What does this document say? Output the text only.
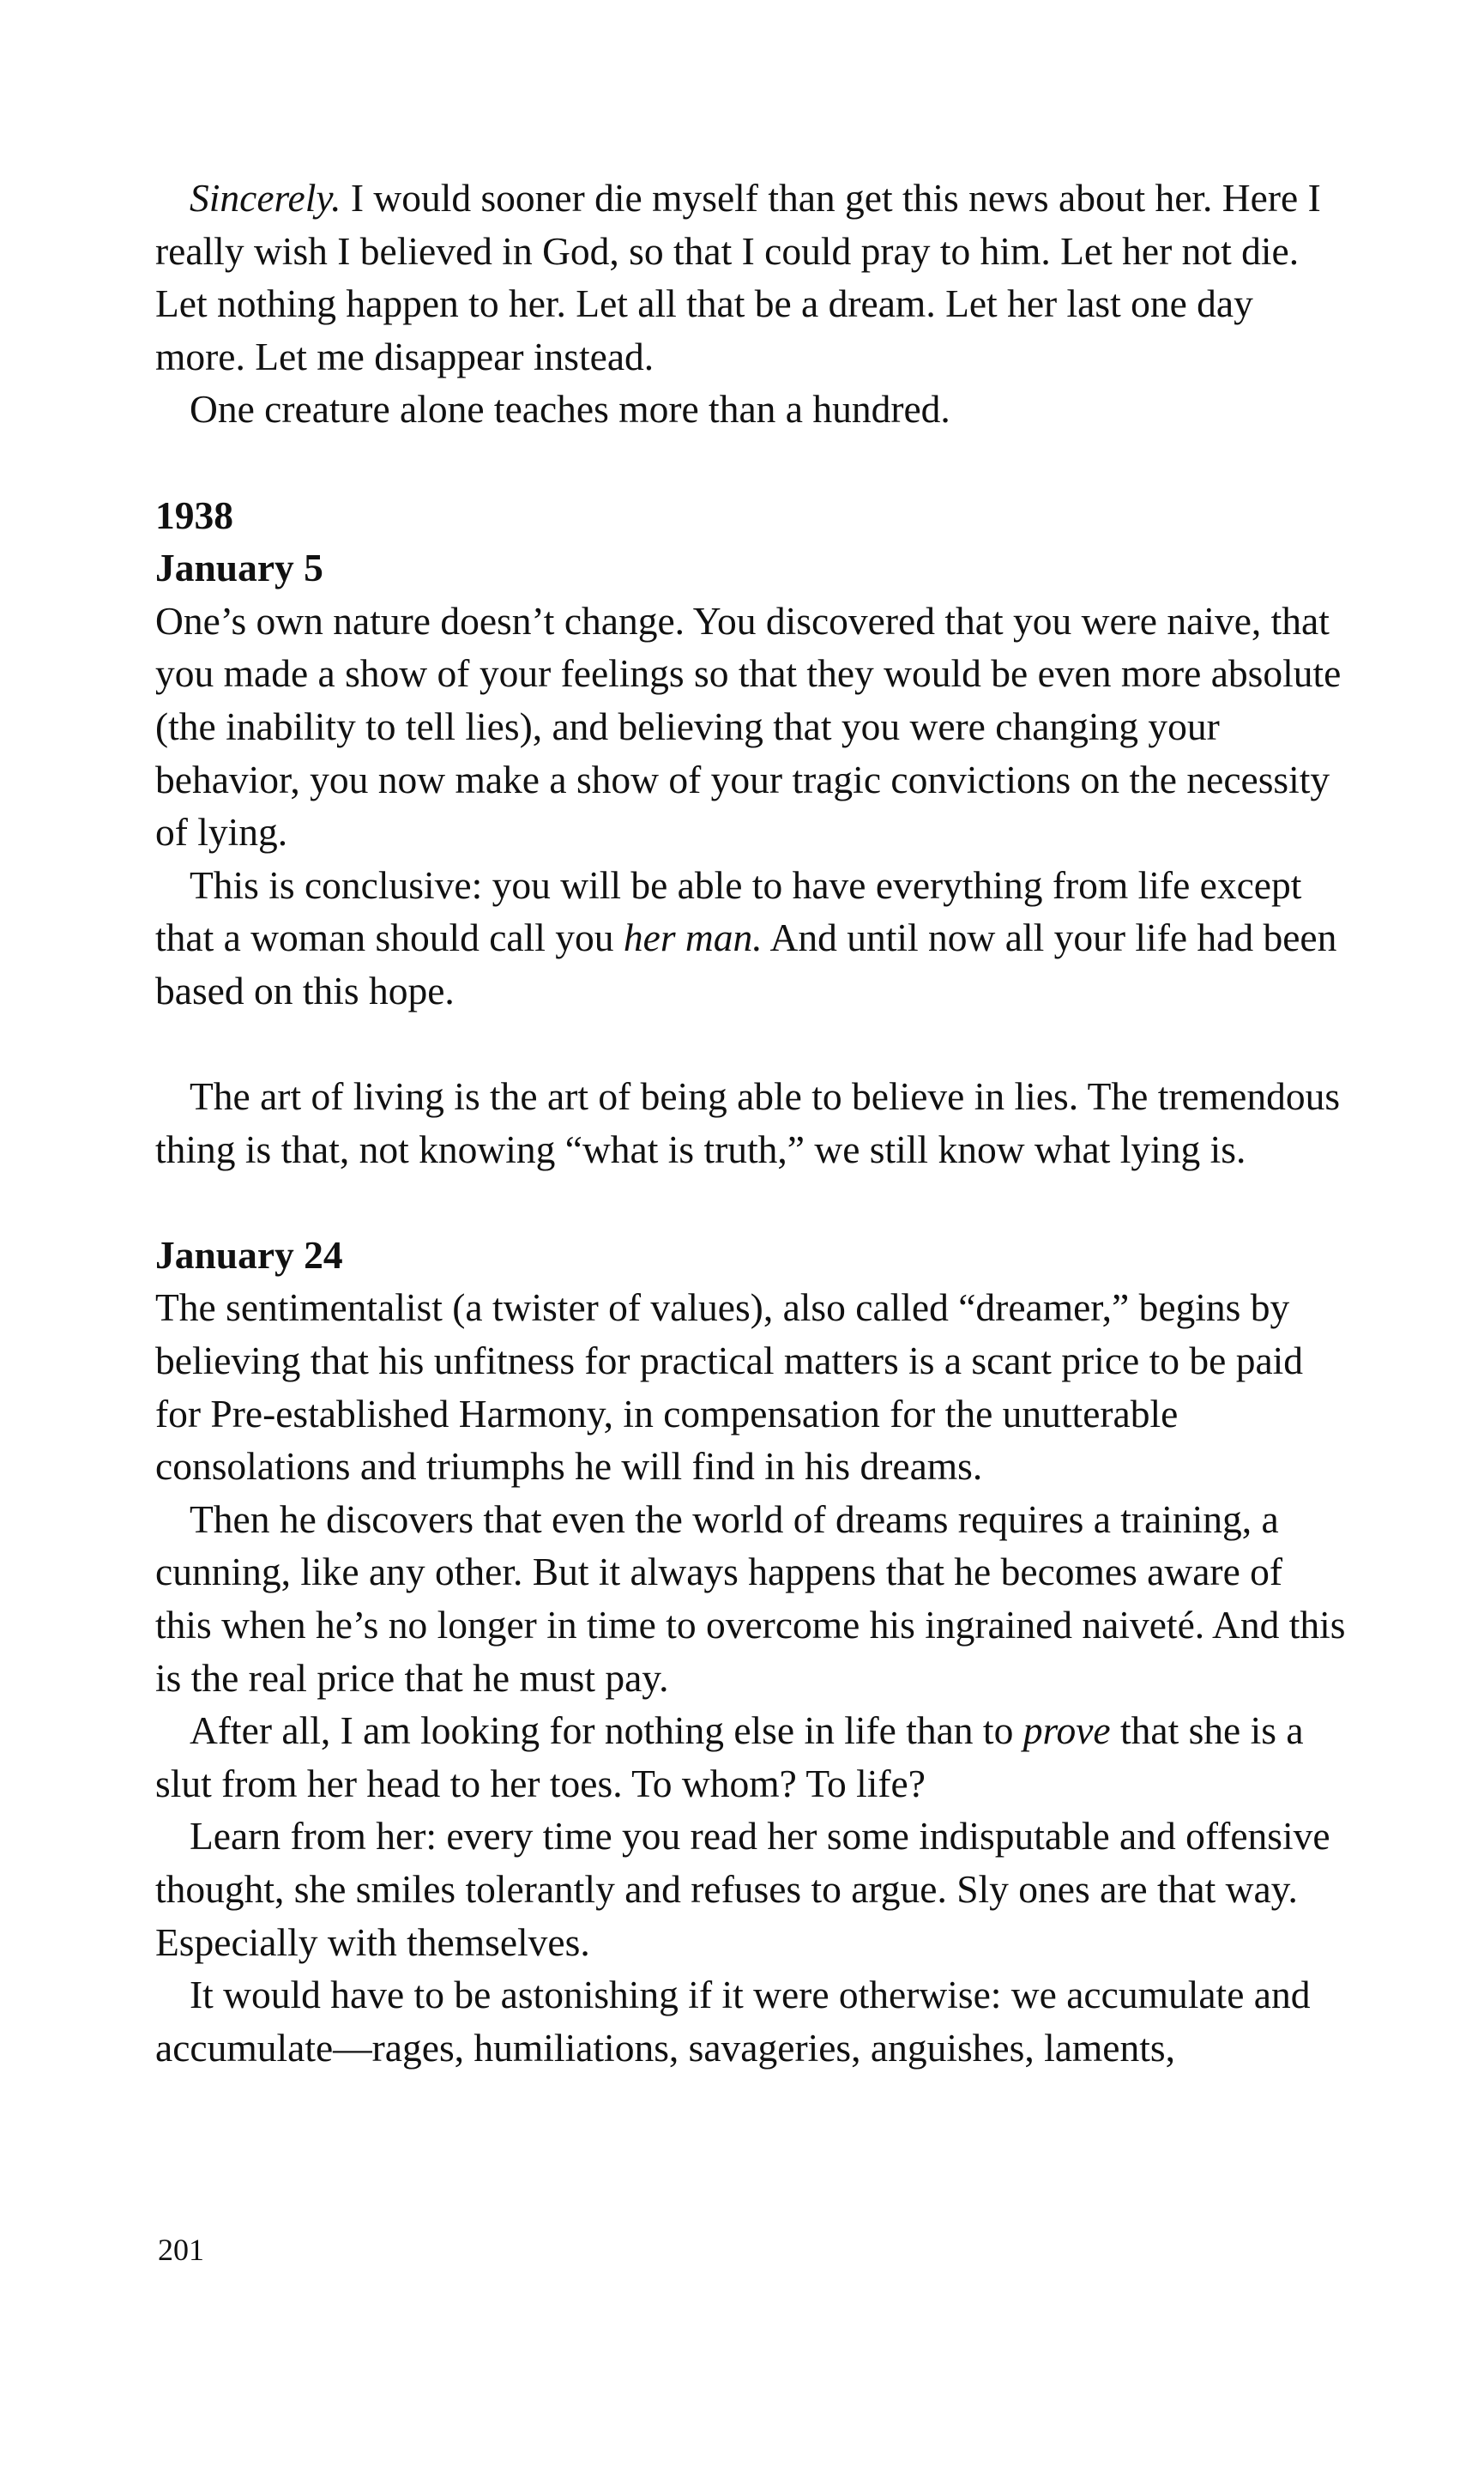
Sincerely. I would sooner die myself than get this news about her. Here I really wish I believed in God, so that I could pray to him. Let her not die. Let nothing happen to her. Let all that be a dream. Let her last one day more. Let me disappear instead.

One creature alone teaches more than a hundred.

1938

January 5

One’s own nature doesn’t change. You discovered that you were naive, that you made a show of your feelings so that they would be even more absolute (the inability to tell lies), and believing that you were changing your behavior, you now make a show of your tragic convictions on the necessity of lying.

This is conclusive: you will be able to have everything from life except that a woman should call you her man. And until now all your life had been based on this hope.

The art of living is the art of being able to believe in lies. The tremendous thing is that, not knowing “what is truth,” we still know what lying is.

January 24

The sentimentalist (a twister of values), also called “dreamer,” begins by believing that his unfitness for practical matters is a scant price to be paid for Pre-established Harmony, in compensation for the unutterable consolations and triumphs he will find in his dreams.

Then he discovers that even the world of dreams requires a training, a cunning, like any other. But it always happens that he becomes aware of this when he’s no longer in time to overcome his ingrained naiveté. And this is the real price that he must pay.

After all, I am looking for nothing else in life than to prove that she is a slut from her head to her toes. To whom? To life?

Learn from her: every time you read her some indisputable and offensive thought, she smiles tolerantly and refuses to argue. Sly ones are that way. Especially with themselves.

It would have to be astonishing if it were otherwise: we accumulate and accumulate—rages, humiliations, savageries, anguishes, laments,

201
